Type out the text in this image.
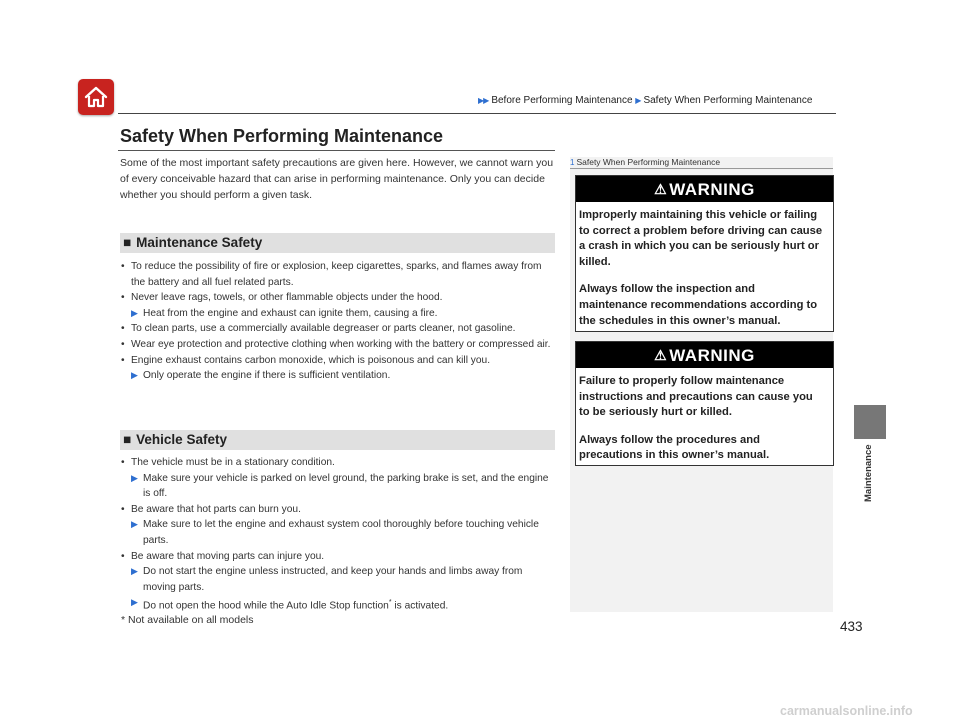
▶▶ Before Performing Maintenance ▶ Safety When Performing Maintenance
Safety When Performing Maintenance

Some of the most important safety precautions are given here. However, we cannot warn you of every conceivable hazard that can arise in performing maintenance. Only you can decide whether you should perform a given task.

■ Maintenance Safety
• To reduce the possibility of fire or explosion, keep cigarettes, sparks, and flames away from the battery and all fuel related parts.
• Never leave rags, towels, or other flammable objects under the hood.
▶ Heat from the engine and exhaust can ignite them, causing a fire.
• To clean parts, use a commercially available degreaser or parts cleaner, not gasoline.
• Wear eye protection and protective clothing when working with the battery or compressed air.
• Engine exhaust contains carbon monoxide, which is poisonous and can kill you.
▶ Only operate the engine if there is sufficient ventilation.
■ Vehicle Safety
• The vehicle must be in a stationary condition.
▶ Make sure your vehicle is parked on level ground, the parking brake is set, and the engine is off.
• Be aware that hot parts can burn you.
▶ Make sure to let the engine and exhaust system cool thoroughly before touching vehicle parts.
• Be aware that moving parts can injure you.
▶ Do not start the engine unless instructed, and keep your hands and limbs away from moving parts.
▶ Do not open the hood while the Auto Idle Stop function* is activated.
1 Safety When Performing Maintenance
⚠ WARNING

Improperly maintaining this vehicle or failing to correct a problem before driving can cause a crash in which you can be seriously hurt or killed.

Always follow the inspection and maintenance recommendations according to the schedules in this owner’s manual.

⚠ WARNING

Failure to properly follow maintenance instructions and precautions can cause you to be seriously hurt or killed.

Always follow the procedures and precautions in this owner’s manual.	Maintenance
* Not available on all models	433
carmanualsonline.info
